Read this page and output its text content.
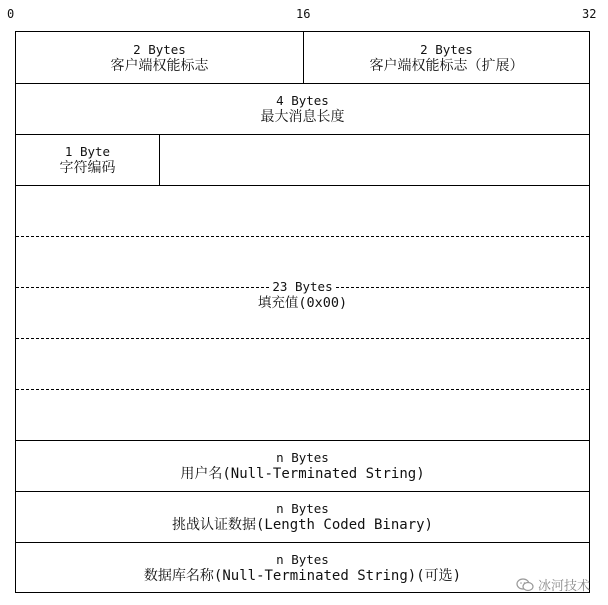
0	16	32
2 Bytes
客户端权能标志
2 Bytes
客户端权能标志（扩展）
4 Bytes
最大消息长度
1 Byte
字符编码
23 Bytes
填充值(0x00)
n Bytes
用户名(Null-Terminated String)
n Bytes
挑战认证数据(Length Coded Binary)
n Bytes
数据库名称(Null-Terminated String)(可选)
冰河技术
